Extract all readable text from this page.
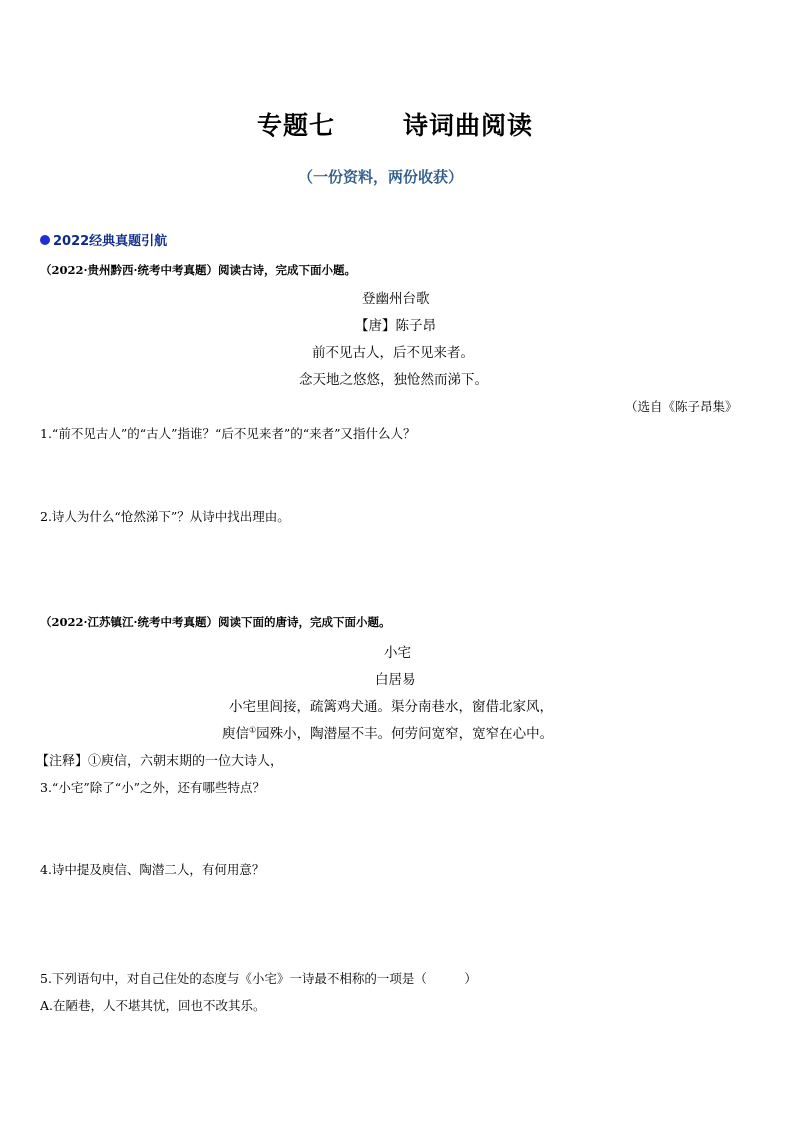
专题七	诗词曲阅读
（一份资料，两份收获）
2022经典真题引航
（2022·贵州黔西·统考中考真题）阅读古诗，完成下面小题。
登幽州台歌
【唐】陈子昂
前不见古人，后不见来者。
念天地之悠悠，独怆然而涕下。
（选自《陈子昂集》
1.“前不见古人”的“古人”指谁？“后不见来者”的“来者”又指什么人？
2.诗人为什么“怆然涕下”？从诗中找出理由。
（2022·江苏镇江·统考中考真题）阅读下面的唐诗，完成下面小题。
小宅
白居易
小宅里闾接，疏篱鸡犬通。渠分南巷水，窗借北家风，
庾信①园殊小，陶潜屋不丰。何劳问宽窄，宽窄在心中。
【注释】①庾信，六朝末期的一位大诗人，
3.“小宅”除了“小”之外，还有哪些特点？
4.诗中提及庾信、陶潜二人，有何用意？
5.下列语句中，对自己住处的态度与《小宅》一诗最不相称的一项是（　　　）
A.在陋巷，人不堪其忧，回也不改其乐。
